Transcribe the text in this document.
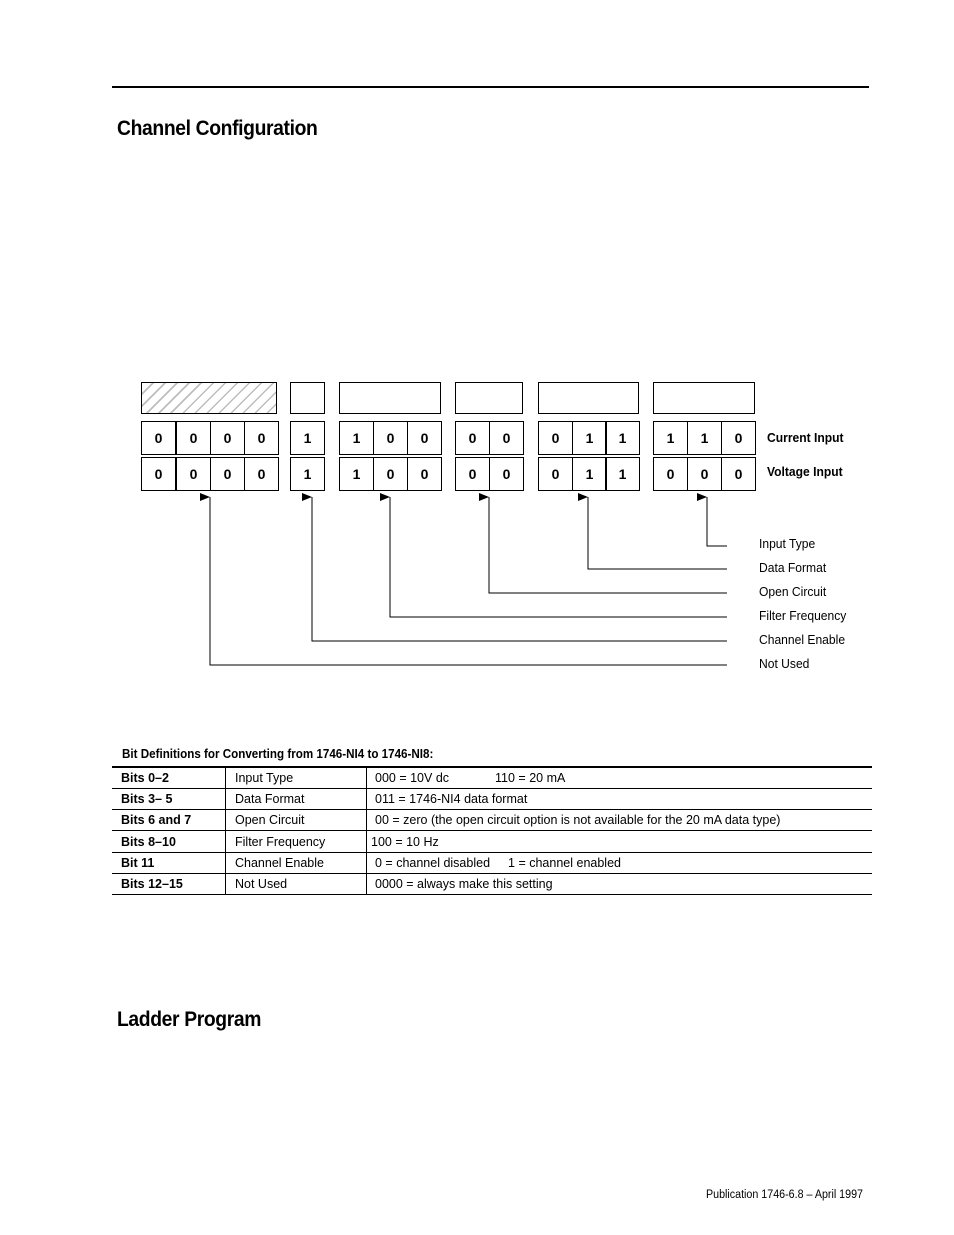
Channel Configuration
0	0	0	0	1	1	0	0	0	0	0	1	1	1	1	0	Current Input
0	0	0	0	1	1	0	0	0	0	0	1	1	0	0	0	Voltage Input
Input Type
Data Format
Open Circuit
Filter Frequency
Channel Enable
Not Used
Bit Definitions for Converting from 1746-NI4 to 1746-NI8:
Bits 0–2	Input Type	000 = 10V dc 110 = 20 mA
Bits 3– 5	Data Format	011 = 1746-NI4 data format
Bits 6 and 7	Open Circuit	00 = zero (the open circuit option is not available for the 20 mA data type)
Bits 8–10	Filter Frequency	100 = 10 Hz
Bit 11	Channel Enable	0 = channel disabled 1 = channel enabled
Bits 12–15	Not Used	0000 = always make this setting
Ladder Program
Publication 1746-6.8 – April 1997
